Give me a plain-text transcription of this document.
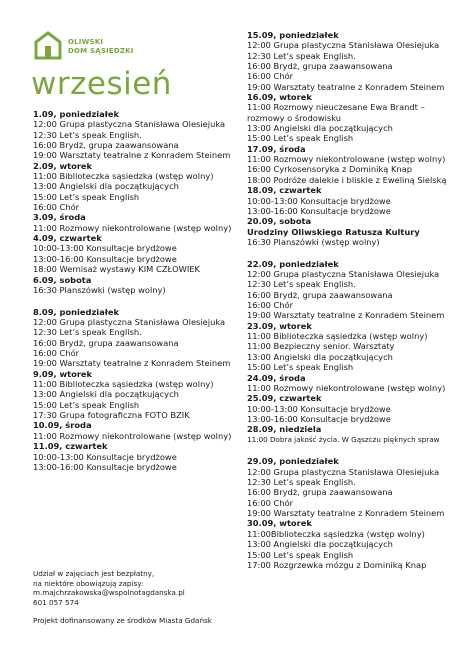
OLIWSKI
DOM SĄSIEDZKI
wrzesień
1.09, poniedziałek
12:00 Grupa plastyczna Stanisława Olesiejuka
12:30 Let’s speak English.
16:00 Brydż, grupa zaawansowana
19:00 Warsztaty teatralne z Konradem Steinem
2.09, wtorek
11:00 Biblioteczka sąsiedzka (wstęp wolny)
13:00 Angielski dla początkujących
15:00 Let’s speak English
16:00 Chór
3.09, środa
11:00 Rozmowy niekontrolowane (wstęp wolny)
4.09, czwartek
10:00-13:00 Konsultacje brydżowe
13:00-16:00 Konsultacje brydżowe
18:00 Wernisaż wystawy KIM CZŁOWIEK
6.09, sobota
16:30 Planszówki (wstęp wolny)
8.09, poniedziałek
12:00 Grupa plastyczna Stanisława Olesiejuka
12:30 Let’s speak English.
16:00 Brydż, grupa zaawansowana
16:00 Chór
19:00 Warsztaty teatralne z Konradem Steinem
9.09, wtorek
11:00 Biblioteczka sąsiedzka (wstęp wolny)
13:00 Angielski dla początkujących
15:00 Let’s speak English
17:30 Grupa fotograficzna FOTO BZIK
10.09, środa
11:00 Rozmowy niekontrolowane (wstęp wolny)
11.09, czwartek
10:00-13:00 Konsultacje brydżowe
13:00-16:00 Konsultacje brydżowe
15.09, poniedziałek
12:00 Grupa plastyczna Stanisława Olesiejuka
12:30 Let’s speak English.
16:00 Brydż, grupa zaawansowana
16:00 Chór
19:00 Warsztaty teatralne z Konradem Steinem
16.09, wtorek
11:00 Rozmowy nieuczesane Ewa Brandt –
rozmowy o środowisku
13:00 Angielski dla początkujących
15:00 Let’s speak English
17.09, środa
11:00 Rozmowy niekontrolowane (wstęp wolny)
16:00 Cyrkosensoryka z Dominiką Knap
18:00 Podróże dalekie i bliskie z Eweliną Sielską
18.09, czwartek
10:00-13:00 Konsultacje brydżowe
13:00-16:00 Konsultacje brydżowe
20.09, sobota
Urodziny Oliwskiego Ratusza Kultury
16:30 Planszówki (wstęp wolny)
22.09, poniedziałek
12:00 Grupa plastyczna Stanisława Olesiejuka
12:30 Let’s speak English.
16:00 Brydż, grupa zaawansowana
16:00 Chór
19:00 Warsztaty teatralne z Konradem Steinem
23.09, wtorek
11:00 Biblioteczka sąsiedzka (wstęp wolny)
11:00 Bezpieczny senior. Warsztaty
13:00 Angielski dla początkujących
15:00 Let’s speak English
24.09, środa
11:00 Rozmowy niekontrolowane (wstęp wolny)
25.09, czwartek
10:00-13:00 Konsultacje brydżowe
13:00-16:00 Konsultacje brydżowe
28.09, niedziela
11:00 Dobra jakość życia. W Gąszczu pięknych spraw
29.09, poniedziałek
12:00 Grupa plastyczna Stanisława Olesiejuka
12:30 Let’s speak English.
16:00 Brydż, grupa zaawansowana
16:00 Chór
19:00 Warsztaty teatralne z Konradem Steinem
30.09, wtorek
11:00Biblioteczka sąsiedzka (wstęp wolny)
13:00 Angielski dla początkujących
15:00 Let’s speak English
17:00 Rozgrzewka mózgu z Dominiką Knap
Udział w zajęciach jest bezpłatny,
na niektóre obowiązują zapisy:
m.majchrzakowska@wspolnotagdanska.pl
601 057 574
Projekt dofinansowany ze środków Miasta Gdańsk
